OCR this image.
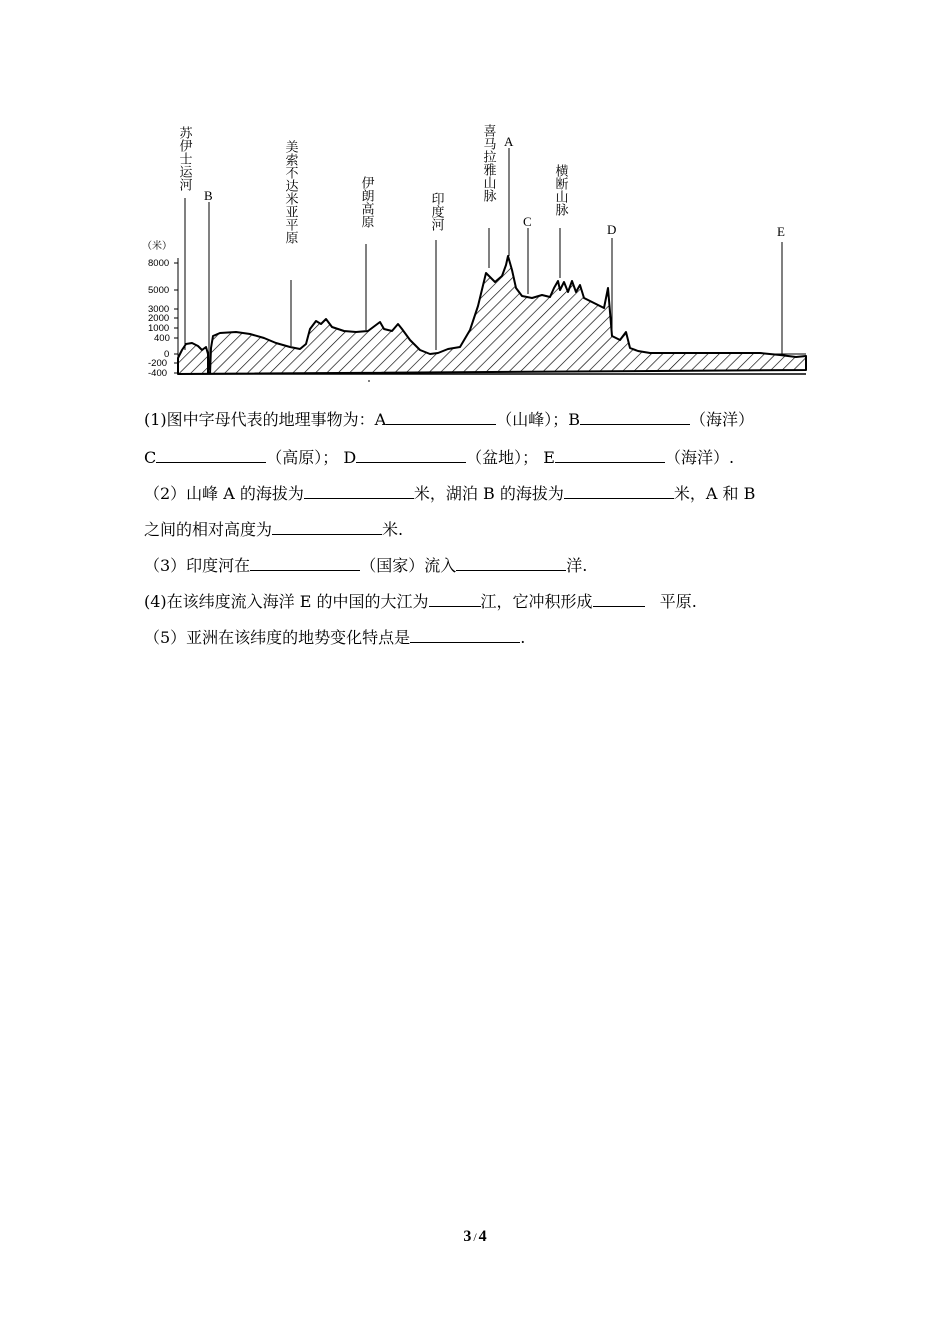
（米）
8000
5000
3000
2000
1000
400
0
-200
-400
苏伊士运河	美索不达米亚平原	伊朗高原	印度河
喜马拉雅山脉	横断山脉
B
A
C
D	E
(1)图中字母代表的地理事物为：A	（山峰）；B	（海洋）
C	（高原）； D	（盆地）； E	（海洋）.
（2）山峰 A 的海拔为	米，湖泊 B 的海拔为	米，A 和 B
之间的相对高度为	米.
（3）印度河在	（国家）流入	洋.
(4)在该纬度流入海洋 E 的中国的大江为	江，它冲积形成	平原.
（5）亚洲在该纬度的地势变化特点是	.
3 / 4
